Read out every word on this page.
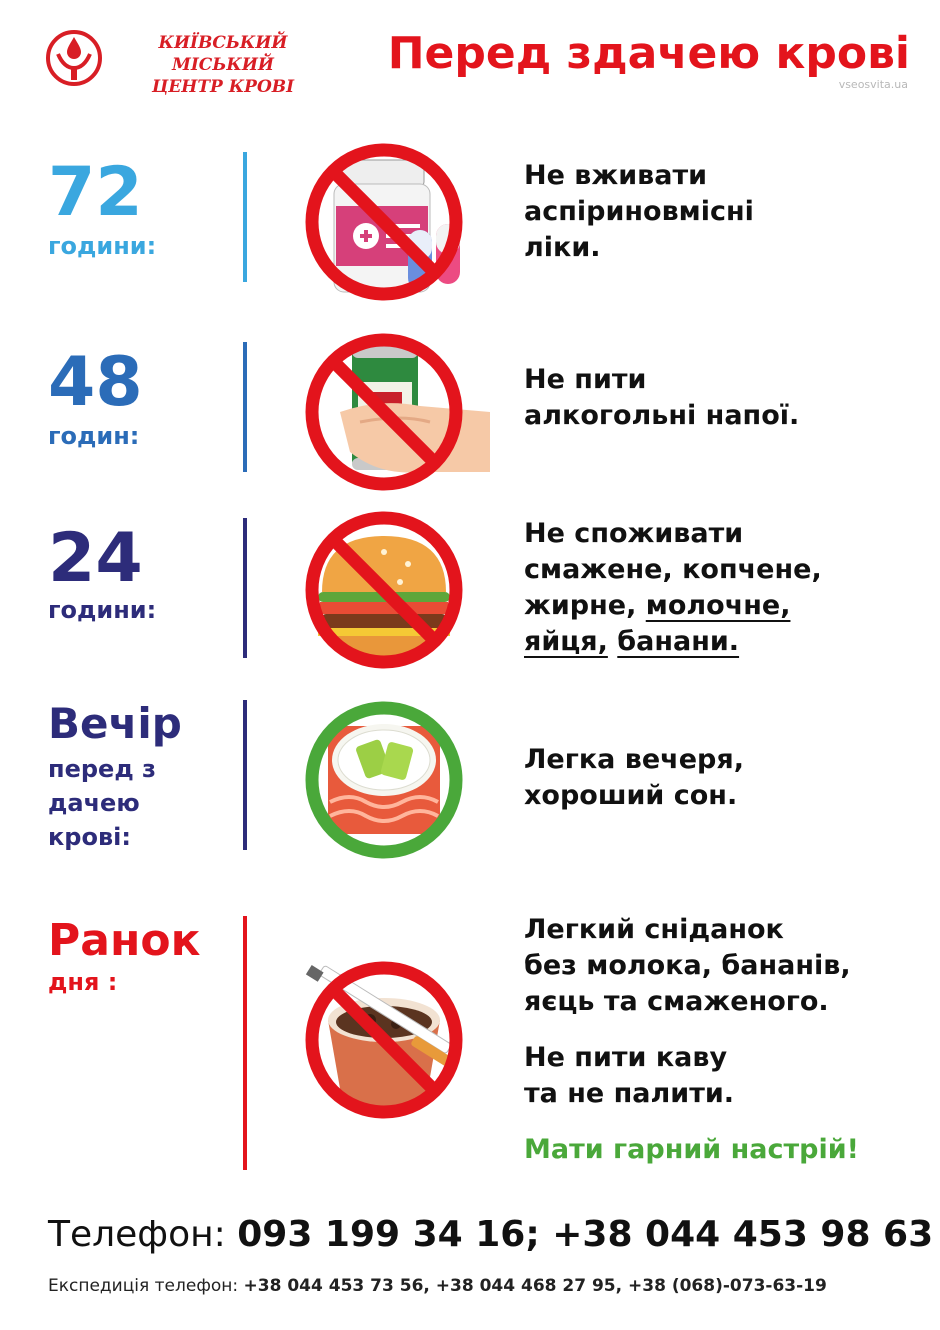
КИЇВСЬКИЙ МІСЬКИЙ
ЦЕНТР КРОВІ
Перед здачею крові
vseosvita.ua
72
години:
Не вживати
аспіриновмісні
ліки.
48
годин:
Не пити
алкогольні напої.
24
години:
Не споживати
смажене, копчене,
жирне, молочне,
яйця, банани.
Вечір
перед з
дачею
крові:
Легка вечеря,
хороший сон.
Ранок
дня :
Легкий сніданок
без молока, бананів,
яєць та смаженого.
Не пити каву
та не палити.
Мати гарний настрій!
Телефон: 093 199 34 16; +38 044 453 98 63
Експедиція телефон: +38 044 453 73 56, +38 044 468 27 95, +38 (068)-073-63-19
